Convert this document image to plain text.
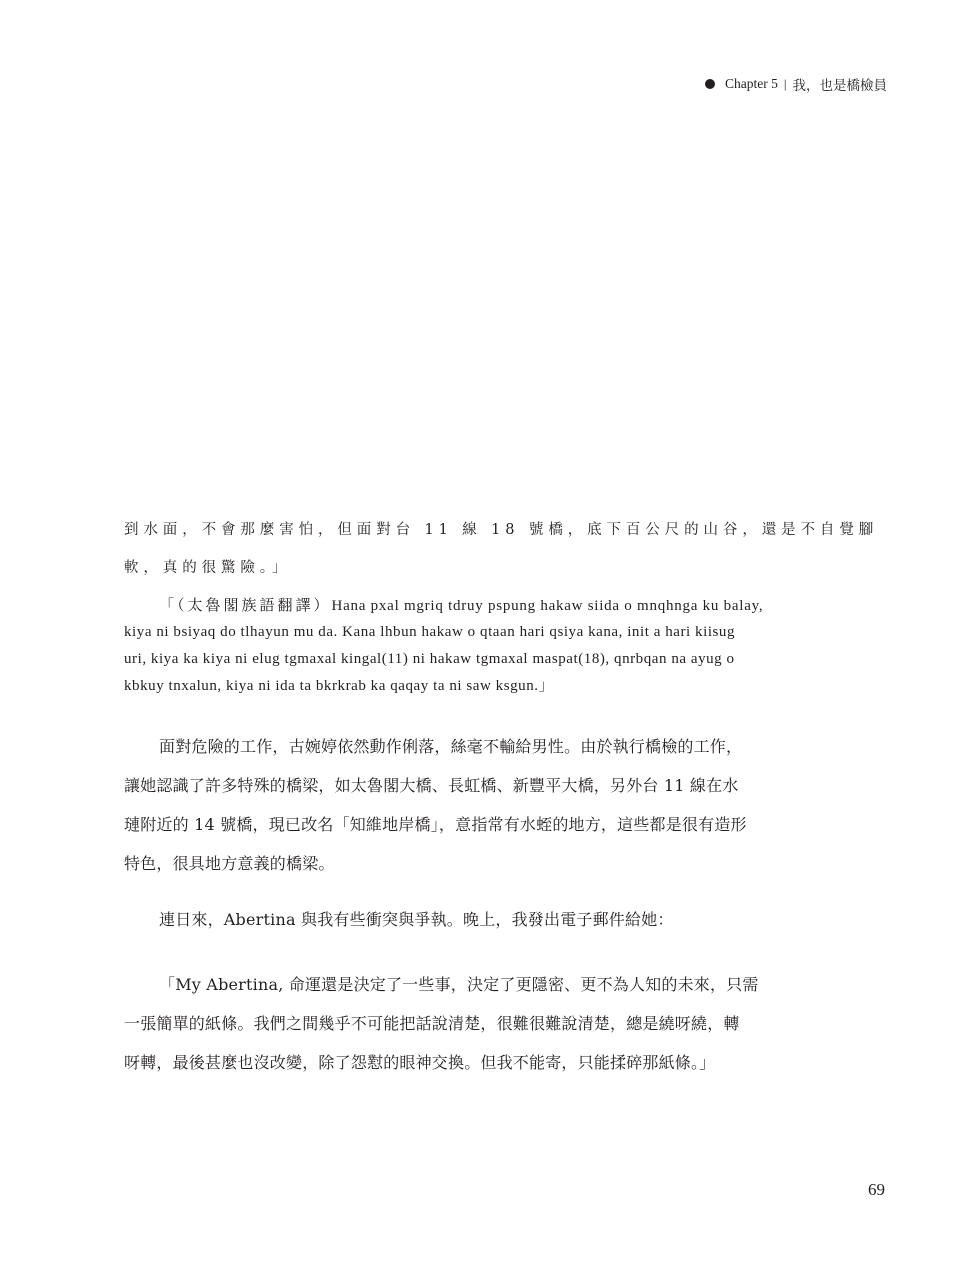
Chapter 5 | 我，也是橋檢員
到水面，不會那麼害怕，但面對台 11 線 18 號橋，底下百公尺的山谷，還是不自覺腳
軟，真的很驚險。」
「（太魯閣族語翻譯）Hana pxal mgriq tdruy pspung hakaw siida o mnqhnga ku balay,
kiya ni bsiyaq do tlhayun mu da. Kana lhbun hakaw o qtaan hari qsiya kana, init a hari kiisug
uri, kiya ka kiya ni elug tgmaxal kingal(11) ni hakaw tgmaxal maspat(18), qnrbqan na ayug o
kbkuy tnxalun, kiya ni ida ta bkrkrab ka qaqay ta ni saw ksgun.」
面對危險的工作，古婉婷依然動作俐落，絲毫不輸給男性。由於執行橋檢的工作，
讓她認識了許多特殊的橋梁，如太魯閣大橋、長虹橋、新豐平大橋，另外台 11 線在水
璉附近的 14 號橋，現已改名「知維地岸橋」，意指常有水蛭的地方，這些都是很有造形
特色，很具地方意義的橋梁。
連日來，Abertina 與我有些衝突與爭執。晚上，我發出電子郵件給她：
「My Abertina, 命運還是決定了一些事，決定了更隱密、更不為人知的未來，只需
一張簡單的紙條。我們之間幾乎不可能把話說清楚，很難很難說清楚，總是繞呀繞，轉
呀轉，最後甚麼也沒改變，除了怨懟的眼神交換。但我不能寄，只能揉碎那紙條。」
69
